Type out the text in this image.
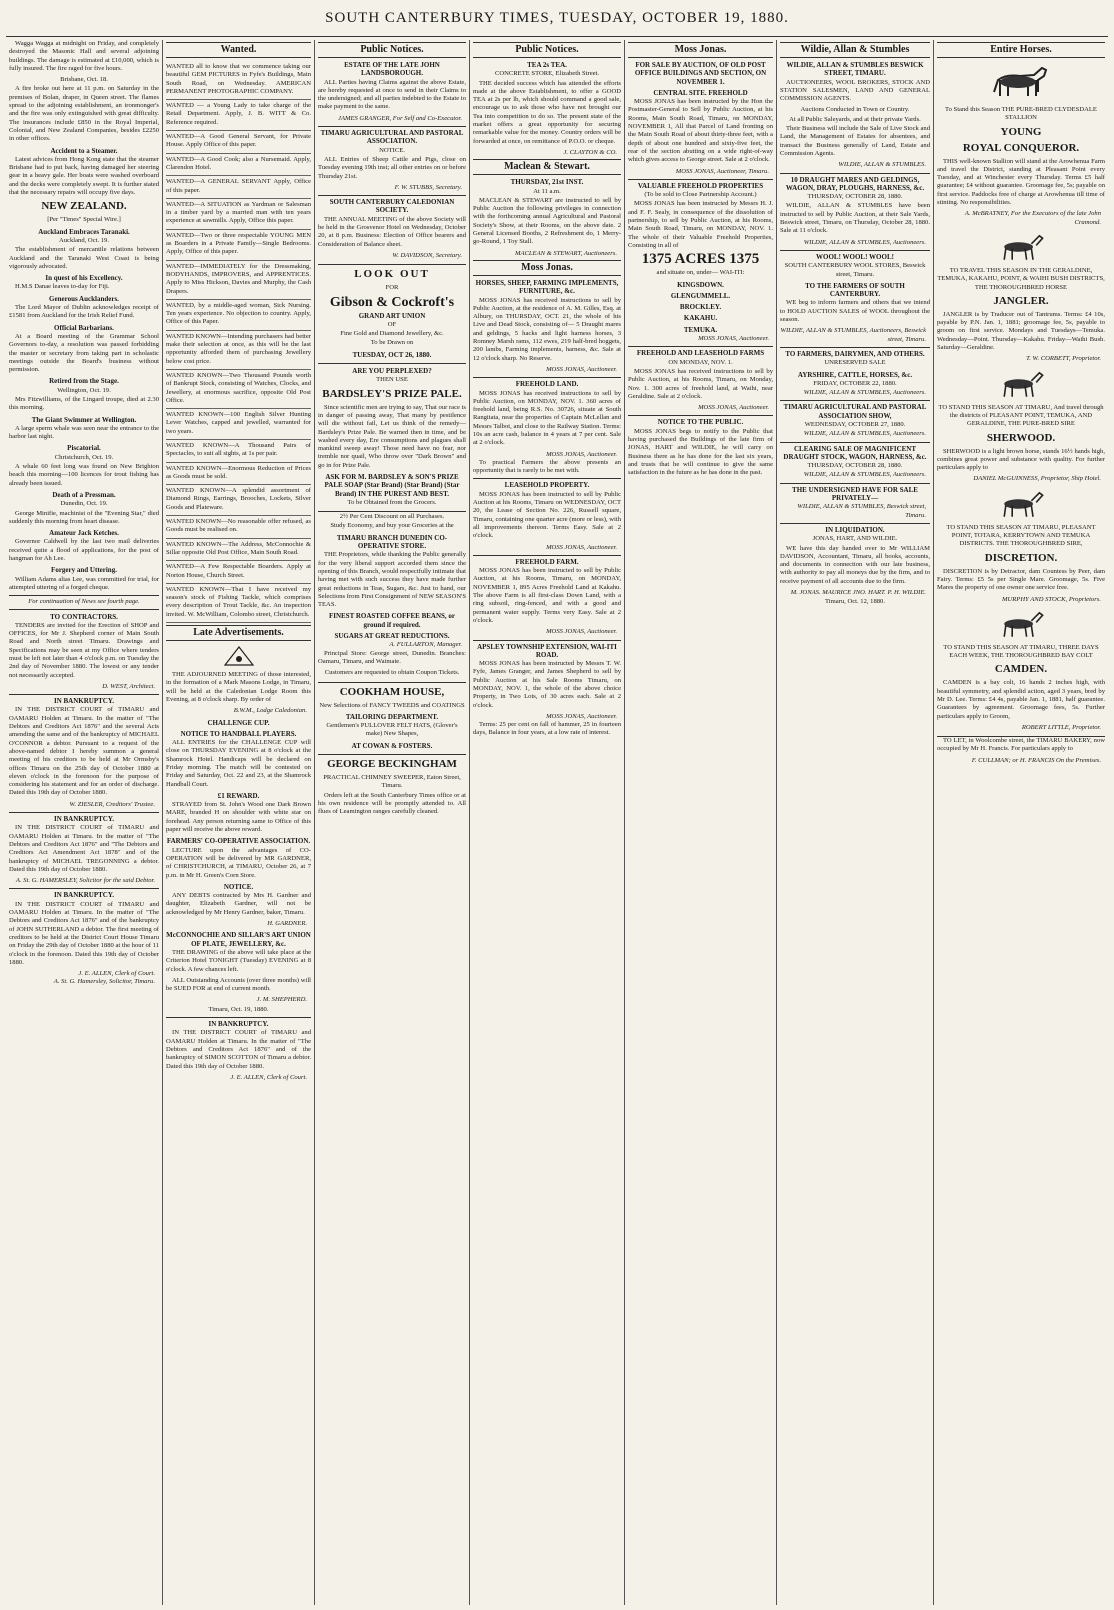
SOUTH CANTERBURY TIMES, TUESDAY, OCTOBER 19, 1880.

Wagga Wagga at midnight on Friday, and completely destroyed the Masonic Hall and several adjoining buildings. The damage is estimated at £10,000, which is fully insured. The fire raged for five hours.

Brisbane, Oct. 18.

A fire broke out here at 11 p.m. on Saturday in the premises of Bolan, draper, in Queen street. The flames spread to the adjoining establishment, an ironmonger's and the fire was only extinguished with great difficulty. The insurances include £850 in the Royal Imperial, Colonial, and New Zealand Companies, besides £2250 in other offices.

Accident to a Steamer.

Latest advices from Hong Kong state that the steamer Brisbane had to put back, having damaged her steering gear in a heavy gale. Her boats were washed overboard and the decks were completely swept. It is further stated that the necessary repairs will occupy five days.

NEW ZEALAND.
[Per "Times" Special Wire.]
Auckland Embraces Taranaki.
Auckland, Oct. 19.

The establishment of mercantile relations between Auckland and the Taranaki West Coast is being vigorously advocated.

In quest of his Excellency.

H.M.S Danae leaves to-day for Fiji.

Generous Aucklanders.

The Lord Mayor of Dublin acknowledges receipt of £1581 from Auckland for the Irish Relief Fund.

Official Barbarians.

At a Board meeting of the Grammar School Governors to-day, a resolution was passed forbidding the master or secretary from taking part in scholastic meetings outside the Board's business without permission.

Retired from the Stage.
Wellington, Oct. 19.

Mrs Fitzwilliams, of the Lingard troupe, died at 2.30 this morning.

The Giant Swimmer at Wellington.

A large sperm whale was seen near the entrance to the harbor last night.

Piscatorial.
Christchurch, Oct. 19.

A whale 60 feet long was found on New Brighton beach this morning—100 licences for trout fishing has already been issued.

Death of a Pressman.
Dunedin, Oct. 19.

George Minifie, machinist of the "Evening Star," died suddenly this morning from heart disease.

Amateur Jack Ketches.

Governor Caldwell by the last two mail deliveries received quite a flood of applications, for the post of hangman for Ah Lee.

Forgery and Uttering.

William Adams alias Lee, was committed for trial, for attempted uttering of a forged cheque.

For continuation of News see fourth page.
TO CONTRACTORS.

TENDERS are invited for the Erection of SHOP and OFFICES, for Mr J. Shepherd corner of Main South Road and North street Timaru. Drawings and Specifications may be seen at my Office where tenders must be left not later than 4 o'clock p.m. on Tuesday the 2nd day of November 1880. The lowest or any tender not necessarily accepted.

D. WEST, Architect.
IN BANKRUPTCY.

IN THE DISTRICT COURT of TIMARU and OAMARU Holden at Timaru. In the matter of "The Debtors and Creditors Act 1876" and the several Acts amending the same and of the bankruptcy of MICHAEL O'CONNOR a debtor. Pursuant to a request of the above-named debtor I hereby summon a general meeting of his creditors to be held at Mr Ormsby's offices Timaru on the 25th day of October 1880 at eleven o'clock in the forenoon for the purpose of considering his statement and for an order of discharge. Dated this 19th day of October 1880.

W. ZIESLER, Creditors' Trustee.
IN BANKRUPTCY.

IN THE DISTRICT COURT of TIMARU and OAMARU Holden at Timaru. In the matter of "The Debtors and Creditors Act 1876" and "The Debtors and Creditors Act Amendment Act 1878" and of the bankruptcy of MICHAEL TREGONNING a debtor. Dated this 19th day of October 1880.

A. St. G. HAMERSLEY, Solicitor for the said Debtor.
IN BANKRUPTCY.

IN THE DISTRICT COURT of TIMARU and OAMARU Holden at Timaru. In the matter of "The Debtors and Creditors Act 1876" and of the bankruptcy of JOHN SUTHERLAND a debtor. The first meeting of creditors to be held at the District Court House Timaru on Friday the 29th day of October 1880 at the hour of 11 o'clock in the forenoon. Dated this 19th day of October 1880.

J. E. ALLEN, Clerk of Court.
A. St. G. Hamersley, Solicitor, Timaru.
Wanted.
WANTED all to know that we commence taking our beautiful GEM PICTURES in Fyfe's Buildings, Main South Road, on Wednesday. AMERICAN PERMANENT PHOTOGRAPHIC COMPANY.
WANTED — a Young Lady to take charge of the Retail Department. Apply, J. B. WITT & Co. Reference required.
WANTED—A Good General Servant, for Private House. Apply Office of this paper.
WANTED—A Good Cook; also a Nursemaid. Apply, Clarendon Hotel.
WANTED—A GENERAL SERVANT Apply, Office of this paper.
WANTED—A SITUATION as Yardman or Salesman in a timber yard by a married man with ten years experience at sawmills. Apply, Office this paper.
WANTED—Two or three respectable YOUNG MEN as Boarders in a Private Family—Single Bedrooms. Apply, Office of this paper.
WANTED—IMMEDIATELY for the Dressmaking, BODYHANDS, IMPROVERS, and APPRENTICES. Apply to Miss Hickson, Davies and Murphy, the Cash Drapers.
WANTED, by a middle-aged woman, Sick Nursing. Ten years experience. No objection to country. Apply, Office of this Paper.
WANTED KNOWN—Intending purchasers had better make their selection at once, as this will be the last opportunity afforded them of purchasing Jewellery below cost price.
WANTED KNOWN—Two Thousand Pounds worth of Bankrupt Stock, consisting of Watches, Clocks, and Jewellery, at enormous sacrifice, opposite Old Post Office.
WANTED KNOWN—100 English Silver Hunting Lever Watches, capped and jewelled, warranted for two years.
WANTED KNOWN—A Thousand Pairs of Spectacles, to suit all sights, at 1s per pair.
WANTED KNOWN—Enormous Reduction of Prices as Goods must be sold.
WANTED KNOWN—A splendid assortment of Diamond Rings, Earrings, Brooches, Lockets, Silver Goods and Plateware.
WANTED KNOWN—No reasonable offer refused, as Goods must be realised on.
WANTED KNOWN—The Address, McConnochie & Sillar opposite Old Post Office, Main South Road.
WANTED—A Few Respectable Boarders. Apply at Norton House, Church Street.
WANTED KNOWN—That I have received my season's stock of Fishing Tackle, which comprises every description of Trout Tackle, &c. An inspection invited. W. McWilliam, Colombo street, Christchurch.
Late Advertisements.

THE ADJOURNED MEETING of those interested, in the formation of a Mark Masons Lodge, in Timaru, will be held at the Caledonian Lodge Room this Evening, at 8 o'clock sharp. By order of

B.W.M., Lodge Caledonian.
CHALLENGE CUP.
NOTICE TO HANDBALL PLAYERS.

ALL ENTRIES for the CHALLENGE CUP will close on THURSDAY EVENING at 8 o'clock at the Shamrock Hotel. Handicaps will be declared on Friday morning. The match will be contested on Friday and Saturday, Oct. 22 and 23, at the Shamrock Handball Court.

£1 REWARD.

STRAYED from St. John's Wood one Dark Brown MARE, branded H on shoulder with white star on forehead. Any person returning same to Office of this paper will receive the above reward.

FARMERS' CO-OPERATIVE ASSOCIATION.

LECTURE upon the advantages of CO-OPERATION will be delivered by MR GARDNER, of CHRISTCHURCH, at TIMARU, October 26, at 7 p.m. in Mr H. Green's Corn Store.

NOTICE.

ANY DEBTS contracted by Mrs H. Gardner and daughter, Elizabeth Gardner, will not be acknowledged by Mr Henry Gardner, baker, Timaru.

H. GARDNER.
McCONNOCHIE AND SILLAR'S ART UNION OF PLATE, JEWELLERY, &c.

THE DRAWING of the above will take place at the Criterion Hotel TONIGHT (Tuesday) EVENING at 8 o'clock. A few chances left.

ALL Outstanding Accounts (over three months) will be SUED FOR at end of current month.

J. M. SHEPHERD.
Timaru, Oct. 19, 1880.
IN BANKRUPTCY.

IN THE DISTRICT COURT of TIMARU and OAMARU Holden at Timaru. In the matter of "The Debtors and Creditors Act 1876" and of the bankruptcy of SIMON SCOTTON of Timaru a debtor. Dated this 19th day of October 1880.

J. E. ALLEN, Clerk of Court.
Public Notices.
ESTATE OF THE LATE JOHN LANDSBOROUGH.

ALL Parties having Claims against the above Estate, are hereby requested at once to send in their Claims to the undersigned; and all parties indebted to the Estate to make payment to the same.

JAMES GRANGER, For Self and Co-Executor.
TIMARU AGRICULTURAL AND PASTORAL ASSOCIATION.
NOTICE.

ALL Entries of Sheep Cattle and Pigs, close on Tuesday evening 19th inst; all other entries on or before Thursday 21st.

F. W. STUBBS, Secretary.
SOUTH CANTERBURY CALEDONIAN SOCIETY.

THE ANNUAL MEETING of the above Society will be held in the Grosvenor Hotel on Wednesday, October 20, at 8 p.m. Business: Election of Office bearers and Consideration of Balance sheet.

W. DAVIDSON, Secretary.
LOOK OUT
FOR
Gibson & Cockroft's
GRAND ART UNION
OF
Fine Gold and Diamond Jewellery, &c.
To be Drawn on
TUESDAY, OCT 26, 1880.
ARE YOU PERPLEXED?
THEN USE
BARDSLEY'S PRIZE PALE.

Since scientific men are trying to say, That our race is in danger of passing away, That many by pestilence will die without fail, Let us think of the remedy—Bardsley's Prize Pale. Be warned then in time, and be washed every day, Ere consumptions and plagues shall mankind sweep away! Those need have no fear, nor tremble nor quail, Who throw over "Dark Brown" and go in for Prize Pale.

ASK FOR M. BARDSLEY & SON'S PRIZE PALE SOAP (Star Brand) (Star Brand) (Star Brand) IN THE PUREST AND BEST.
To be Obtained from the Grocers.
2½ Per Cent Discount on all Purchases.
Study Economy, and buy your Groceries at the
TIMARU BRANCH DUNEDIN CO-OPERATIVE STORE.

THE Proprietors, while thanking the Public generally for the very liberal support accorded them since the opening of this Branch, would respectfully intimate that having met with such success they have made further great reductions in Teas, Sugars, &c. Just to hand, our Selections from First Consignment of NEW SEASON'S TEAS.

FINEST ROASTED COFFEE BEANS, or ground if required.
SUGARS AT GREAT REDUCTIONS.
A. FULLARTON, Manager.

Principal Store: George street, Dunedin. Branches: Oamaru, Timaru, and Waimate.

Customers are requested to obtain Coupon Tickets.
COOKHAM HOUSE,
New Selections of FANCY TWEEDS and COATINGS
TAILORING DEPARTMENT.
Gentlemen's PULLOVER FELT HATS, (Glover's make) New Shapes,
AT COWAN & FOSTERS.
GEORGE BECKINGHAM
PRACTICAL CHIMNEY SWEEPER, Eaton Street, Timaru.

Orders left at the South Canterbury Times office or at his own residence will be promptly attended to. All flues of Leamington ranges carefully cleaned.

Public Notices.
TEA 2s TEA.
CONCRETE STORE, Elizabeth Street.

THE decided success which has attended the efforts made at the above Establishment, to offer a GOOD TEA at 2s per lb, which should command a good sale, encourage us to ask those who have not brought our Tea into competition to do so. The present state of the market offers a great opportunity for securing remarkable value for the money. Country orders will be forwarded at once, on remittance of P.O.O. or cheque.

J. CLAYTON & CO.
Maclean & Stewart.
THURSDAY, 21st INST.
At 11 a.m.

MACLEAN & STEWART are instructed to sell by Public Auction the following privileges in connection with the forthcoming annual Agricultural and Pastoral Society's Show, at their Rooms, on the above date. 2 General Licensed Booths, 2 Refreshment do, 1 Merry-go-Round, 1 Toy Stall.

MACLEAN & STEWART, Auctioneers.
Moss Jonas.
HORSES, SHEEP, FARMING IMPLEMENTS, FURNITURE, &c.

MOSS JONAS has received instructions to sell by Public Auction, at the residence of A. M. Gilles, Esq. at Albury, on THURSDAY, OCT. 21, the whole of his Live and Dead Stock, consisting of— 5 Draught mares and geldings, 5 hacks and light harness horses, 3 Romney Marsh rams, 112 ewes, 219 half-bred hoggets, 200 lambs, Farming implements, harness, &c. Sale at 12 o'clock sharp. No Reserve.

MOSS JONAS, Auctioneer.
FREEHOLD LAND.

MOSS JONAS has received instructions to sell by Public Auction, on MONDAY, NOV. 1. 360 acres of freehold land, being R.S. No. 30726, situate at South Rangitata, near the properties of Captain McLellan and Messrs Talbot, and close to the Railway Station. Terms: 10s an acre cash, balance in 4 years at 7 per cent. Sale at 2 o'clock.

MOSS JONAS, Auctioneer.

To practical Farmers the above presents an opportunity that is rarely to be met with.

LEASEHOLD PROPERTY.

MOSS JONAS has been instructed to sell by Public Auction at his Rooms, Timaru on WEDNESDAY, OCT 20, the Lease of Section No. 226, Russell square, Timaru, containing one quarter acre (more or less), with all improvements thereon. Terms Easy. Sale at 2 o'clock.

MOSS JONAS, Auctioneer.
FREEHOLD FARM.

MOSS JONAS has been instructed to sell by Public Auction, at his Rooms, Timaru, on MONDAY, NOVEMBER 1, 895 Acres Freehold Land at Kakahu. The above Farm is all first-class Down Land, with a ring subsoil, ring-fenced, and with a good and permanent water supply. Terms very Easy. Sale at 2 o'clock.

MOSS JONAS, Auctioneer.
APSLEY TOWNSHIP EXTENSION, WAI-ITI ROAD.

MOSS JONAS has been instructed by Messrs T. W. Fyfe, James Granger, and James Shepherd to sell by Public Auction at his Sale Rooms Timaru, on MONDAY, NOV. 1, the whole of the above choice Property, in Two Lots, of 30 acres each. Sale at 2 o'clock.

MOSS JONAS, Auctioneer.

Terms: 25 per cent on fall of hammer, 25 in fourteen days, Balance in four years, at a low rate of interest.

Moss Jonas.
FOR SALE BY AUCTION, OF OLD POST OFFICE BUILDINGS AND SECTION, ON NOVEMBER 1.
CENTRAL SITE. FREEHOLD

MOSS JONAS has been instructed by the Hon the Postmaster-General to Sell by Public Auction, at his Rooms, Main South Road, Timaru, on MONDAY, NOVEMBER 1, All that Parcel of Land fronting on the Main South Road of about thirty-three feet, with a depth of about one hundred and sixty-five feet, the rear of the section abutting on a wide right-of-way which gives access to George street. Sale at 2 o'clock.

MOSS JONAS, Auctioneer, Timaru.
VALUABLE FREEHOLD PROPERTIES
(To be sold to Close Partnership Account.)

MOSS JONAS has been instructed by Messrs H. J. and F. F. Sealy, in consequence of the dissolution of partnership, to sell by Public Auction, at his Rooms, Main South Road, Timaru, on MONDAY, NOV. 1. The whole of their Valuable Freehold Properties, Consisting in all of

1375 ACRES 1375
and situate on, under— WAI-ITI:
KINGSDOWN.
GLENGUMMELL.
BROCKLEY.
KAKAHU.
TEMUKA.
MOSS JONAS, Auctioneer.
FREEHOLD AND LEASEHOLD FARMS
ON MONDAY, NOV. 1.

MOSS JONAS has received instructions to sell by Public Auction, at his Rooms, Timaru, on Monday, Nov. 1. 300 acres of freehold land, at Waihi, near Geraldine. Sale at 2 o'clock.

MOSS JONAS, Auctioneer.
NOTICE TO THE PUBLIC.

MOSS JONAS begs to notify to the Public that having purchased the Buildings of the late firm of JONAS, HART and WILDIE, he will carry on Business there as he has done for the last six years, and trusts that he will continue to give the same satisfaction in the future as he has done in the past.

Wildie, Allan & Stumbles
WILDIE, ALLAN & STUMBLES BESWICK STREET, TIMARU.

AUCTIONEERS, WOOL BROKERS, STOCK AND STATION SALESMEN, LAND AND GENERAL COMMISSION AGENTS.

Auctions Conducted in Town or Country.
At all Public Saleyards, and at their private Yards.

Their Business will include the Sale of Live Stock and Land, the Management of Estates for absentees, and transact the Business generally of Land, Estate and Commission Agents.

WILDIE, ALLAN & STUMBLES.
10 DRAUGHT MARES AND GELDINGS, WAGON, DRAY, PLOUGHS, HARNESS, &c.
THURSDAY, OCTOBER 28, 1880.

WILDIE, ALLAN & STUMBLES have been instructed to sell by Public Auction, at their Sale Yards, Beswick street, Timaru, on Thursday, October 28, 1880. Sale at 11 o'clock.

WILDIE, ALLAN & STUMBLES, Auctioneers.
WOOL! WOOL! WOOL!
SOUTH CANTERBURY WOOL STORES, Beswick street, Timaru.
TO THE FARMERS OF SOUTH CANTERBURY.

WE beg to inform farmers and others that we intend to HOLD AUCTION SALES of WOOL throughout the season.

WILDIE, ALLAN & STUMBLES, Auctioneers, Beswick street, Timaru.
TO FARMERS, DAIRYMEN, AND OTHERS.
UNRESERVED SALE
AYRSHIRE, CATTLE, HORSES, &c.
FRIDAY, OCTOBER 22, 1880.
WILDIE, ALLAN & STUMBLES, Auctioneers.
TIMARU AGRICULTURAL AND PASTORAL ASSOCIATION SHOW,
WEDNESDAY, OCTOBER 27, 1880.
WILDIE, ALLAN & STUMBLES, Auctioneers.
CLEARING SALE OF MAGNIFICENT DRAUGHT STOCK, WAGON, HARNESS, &c.
THURSDAY, OCTOBER 28, 1880.
WILDIE, ALLAN & STUMBLES, Auctioneers.
THE UNDERSIGNED HAVE FOR SALE PRIVATELY—
WILDIE, ALLAN & STUMBLES, Beswick street, Timaru.
IN LIQUIDATION.
JONAS, HART, AND WILDIE.

WE have this day handed over to Mr WILLIAM DAVIDSON, Accountant, Timaru, all books, accounts, and documents in connection with our late business, with authority to pay all moneys due by the firm, and to receive payment of all accounts due to the firm.

M. JONAS. MAURICE JNO. HART. P. H. WILDIE.
Timaru, Oct. 12, 1880.
Entire Horses.
To Stand this Season THE PURE-BRED CLYDESDALE STALLION
YOUNG
ROYAL CONQUEROR.

THIS well-known Stallion will stand at the Arowhenua Farm and travel the District, standing at Pleasant Point every Tuesday, and at Winchester every Thursday. Terms £5 half guarantee; £4 without guarantee. Groomage fee, 5s; payable on first service. Paddocks free of charge at Arowhenua till time of stinting. No responsibilities.

A. McBRATNEY, For the Executors of the late John Cramond.
TO TRAVEL THIS SEASON IN THE GERALDINE, TEMUKA, KAKAHU, POINT, & WAIHI BUSH DISTRICTS, THE THOROUGHBRED HORSE
JANGLER.

JANGLER is by Traducer out of Tantrums. Terms: £4 10s, payable by P.N. Jan. 1, 1881; groomage fee, 5s, payable to groom on first service. Mondays and Tuesdays—Temuka. Wednesday—Point. Thursday—Kakahu. Friday—Waihi Bush. Saturday—Geraldine.

T. W. CORBETT, Proprietor.
TO STAND THIS SEASON AT TIMARU, And travel through the districts of PLEASANT POINT, TEMUKA, AND GERALDINE, THE PURE-BRED SIRE
SHERWOOD.

SHERWOOD is a light brown horse, stands 16½ hands high, combines great power and substance with quality. For further particulars apply to

DANIEL McGUINNESS, Proprietor, Ship Hotel.
TO STAND THIS SEASON AT TIMARU, PLEASANT POINT, TOTARA, KERRYTOWN AND TEMUKA DISTRICTS. THE THOROUGHBRED SIRE,
DISCRETION.

DISCRETION is by Detractor, dam Countess by Peer, dam Fairy. Terms: £5 5s per Single Mare. Groomage, 5s. Five Mares the property of one owner one service free.

MURPHY AND STOCK, Proprietors.
TO STAND THIS SEASON AT TIMARU, THREE DAYS EACH WEEK, THE THOROUGHBRED BAY COLT
CAMDEN.

CAMDEN is a bay colt, 16 hands 2 inches high, with beautiful symmetry, and splendid action, aged 3 years, bred by Mr D. Lee. Terms: £4 4s, payable Jan. 1, 1881, half guarantee. Guarantees by agreement. Groomage fees, 5s. Further particulars apply to Groom,

ROBERT LITTLE, Proprietor.

TO LET, in Woolcombe street, the TIMARU BAKERY, now occupied by Mr H. Francis. For particulars apply to

F. CULLMAN; or H. FRANCIS On the Premises.
